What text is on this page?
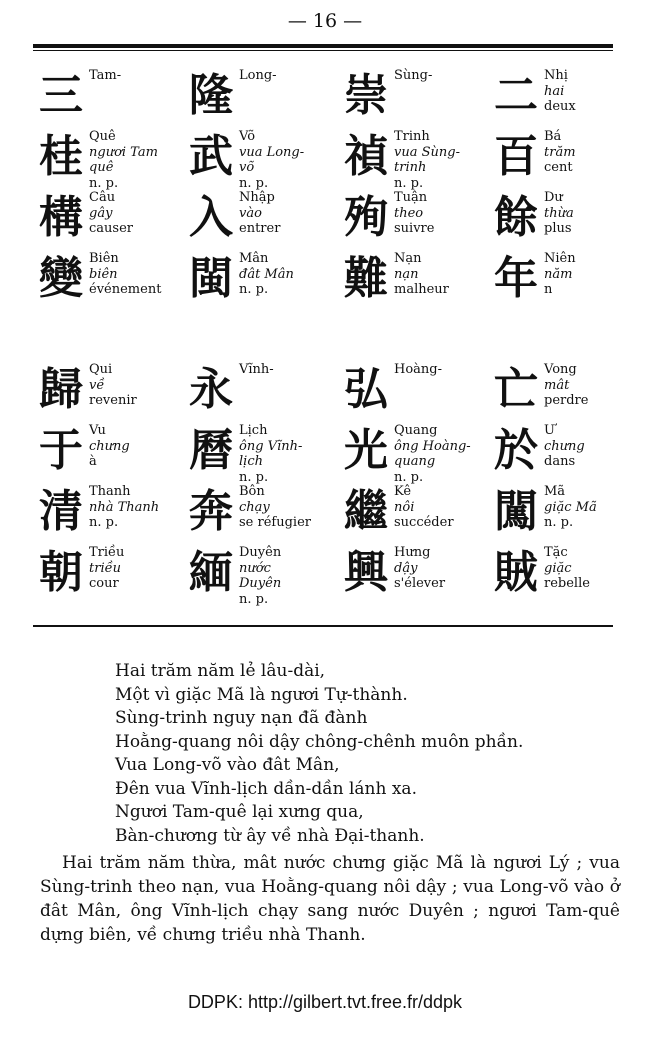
— 16 —
三 Tam-

桂 Quê
ngươi Tam
quê
n. p.
構 Câu
gây
causer
變 Biên
biên
événement
隆 Long-

武 Võ
vua Long-
võ
n. p.
入 Nhập
vào
entrer
閩 Mân
đât Mân
n. p.
崇 Sùng-

禎 Trinh
vua Sùng-
trinh
n. p.
殉 Tuận
theo
suivre
難 Nạn
nạn
malheur
二 Nhị
hai
deux
百 Bá
trăm
cent
餘 Dư
thừa
plus
年 Niên
năm
n
歸 Qui
về
revenir
于 Vu
chưng
à
清 Thanh
nhà Thanh
n. p.
朝 Triều
triều
cour
永 Vĩnh-

曆 Lịch
ông Vĩnh-
lịch
n. p.
奔 Bôn
chạy
se réfugier
緬 Duyên
nước
Duyên
n. p.
弘 Hoàng-

光 Quang
ông Hoàng-
quang
n. p.
繼 Kê
nôi
succéder
興 Hưng
dậy
s'élever
亡 Vong
mât
perdre
於 Ư
chưng
dans
闖 Mã
giặc Mã
n. p.
賊 Tặc
giặc
rebelle
Hai trăm năm lẻ lâu-dài,
Một vì giặc Mã là ngươi Tự-thành.
Sùng-trinh nguy nạn đã đành
Hoằng-quang nôi dậy chông-chênh muôn phần.
Vua Long-võ vào đât Mân,
Đên vua Vĩnh-lịch dần-dần lánh xa.
Ngươi Tam-quê lại xưng qua,
Bàn-chương từ ây về nhà Đại-thanh.

Hai trăm năm thừa, mât nước chưng giặc Mã là ngươi Lý ; vua Sùng-trinh theo nạn, vua Hoằng-quang nôi dậy ; vua Long-võ vào ở đât Mân, ông Vĩnh-lịch chạy sang nước Duyên ; ngươi Tam-quê dựng biên, về chưng triều nhà Thanh.

DDPK: http://gilbert.tvt.free.fr/ddpk
